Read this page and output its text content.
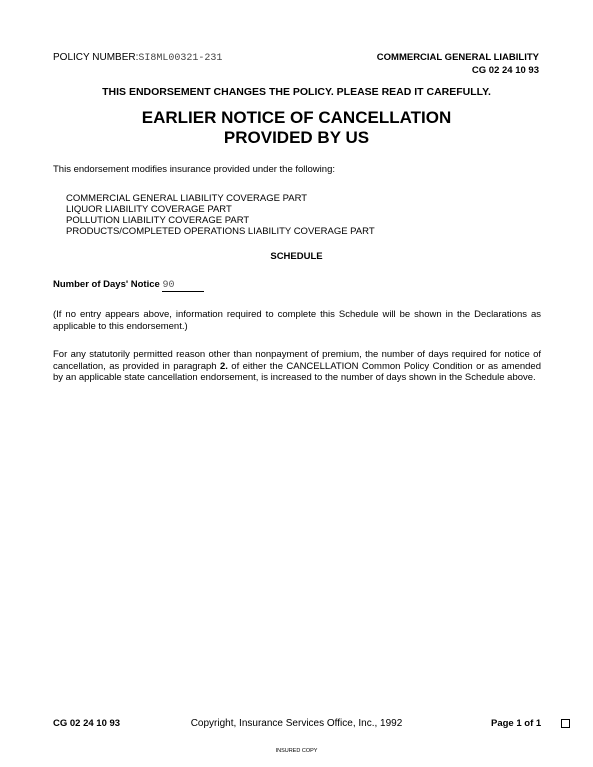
POLICY NUMBER:SI8ML00321-231	COMMERCIAL GENERAL LIABILITY
CG 02 24 10 93
THIS ENDORSEMENT CHANGES THE POLICY. PLEASE READ IT CAREFULLY.
EARLIER NOTICE OF CANCELLATION
PROVIDED BY US
This endorsement modifies insurance provided under the following:
COMMERCIAL GENERAL LIABILITY COVERAGE PART
LIQUOR LIABILITY COVERAGE PART
POLLUTION LIABILITY COVERAGE PART
PRODUCTS/COMPLETED OPERATIONS LIABILITY COVERAGE PART
SCHEDULE
Number of Days' Notice 90

(If no entry appears above, information required to complete this Schedule will be shown in the Declarations as applicable to this endorsement.)

For any statutorily permitted reason other than nonpayment of premium, the number of days required for notice of cancellation, as provided in paragraph 2. of either the CANCELLATION Common Policy Condition or as amended by an applicable state cancellation endorsement, is increased to the number of days shown in the Schedule above.

CG 02 24 10 93	Copyright, Insurance Services Office, Inc., 1992	Page 1 of 1
INSURED COPY
